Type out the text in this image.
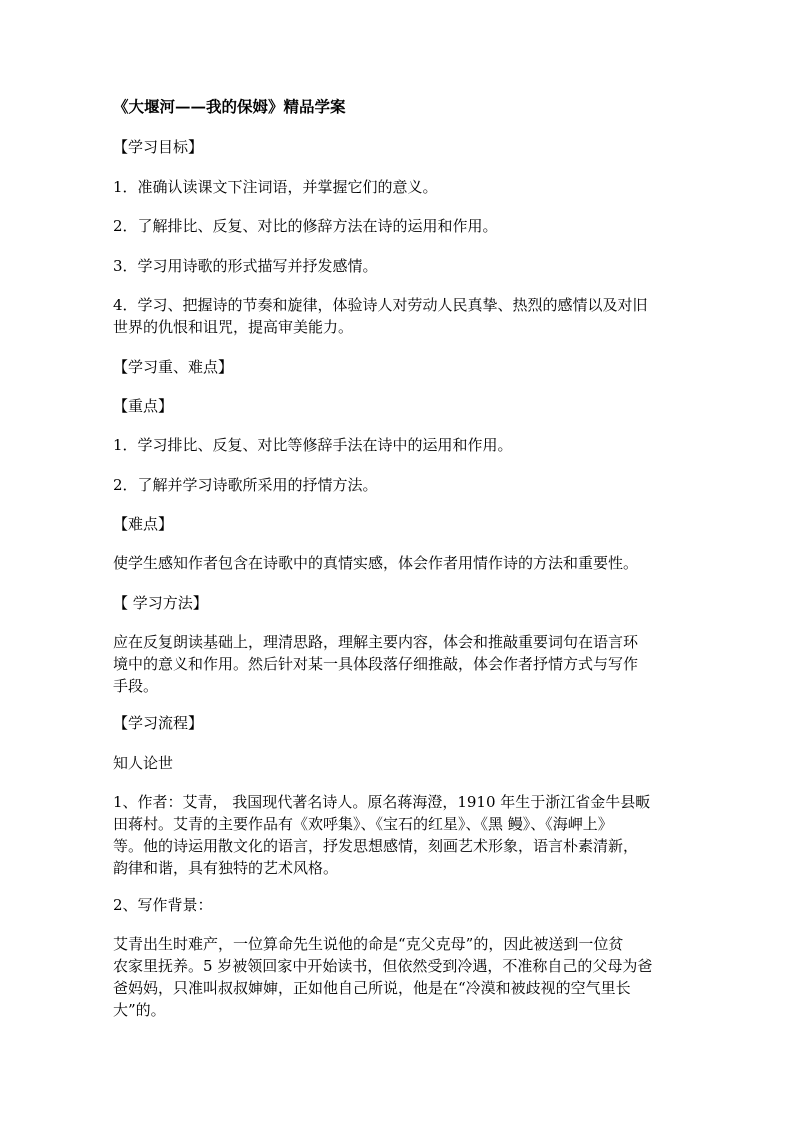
《大堰河——我的保姆》精品学案

【学习目标】

1．准确认读课文下注词语，并掌握它们的意义。

2．了解排比、反复、对比的修辞方法在诗的运用和作用。

3．学习用诗歌的形式描写并抒发感情。

4．学习、把握诗的节奏和旋律，体验诗人对劳动人民真挚、热烈的感情以及对旧
世界的仇恨和诅咒，提高审美能力。

【学习重、难点】

【重点】

1．学习排比、反复、对比等修辞手法在诗中的运用和作用。

2．了解并学习诗歌所采用的抒情方法。

【难点】

使学生感知作者包含在诗歌中的真情实感，体会作者用情作诗的方法和重要性。

【 学习方法】

应在反复朗读基础上，理清思路，理解主要内容，体会和推敲重要词句在语言环
境中的意义和作用。然后针对某一具体段落仔细推敲，体会作者抒情方式与写作
手段。

【学习流程】

知人论世

1、作者：艾青， 我国现代著名诗人。原名蒋海澄，1910 年生于浙江省金牛县畈
田蒋村。艾青的主要作品有《欢呼集》、《宝石的红星》、《黑 鳗》、《海岬上》
等。他的诗运用散文化的语言，抒发思想感情，刻画艺术形象，语言朴素清新，
韵律和谐，具有独特的艺术风格。

2、写作背景：

艾青出生时难产，一位算命先生说他的命是“克父克母”的，因此被送到一位贫
农家里抚养。5 岁被领回家中开始读书，但依然受到冷遇，不准称自己的父母为爸
爸妈妈，只准叫叔叔婶婶，正如他自己所说，他是在“冷漠和被歧视的空气里长
大”的。
